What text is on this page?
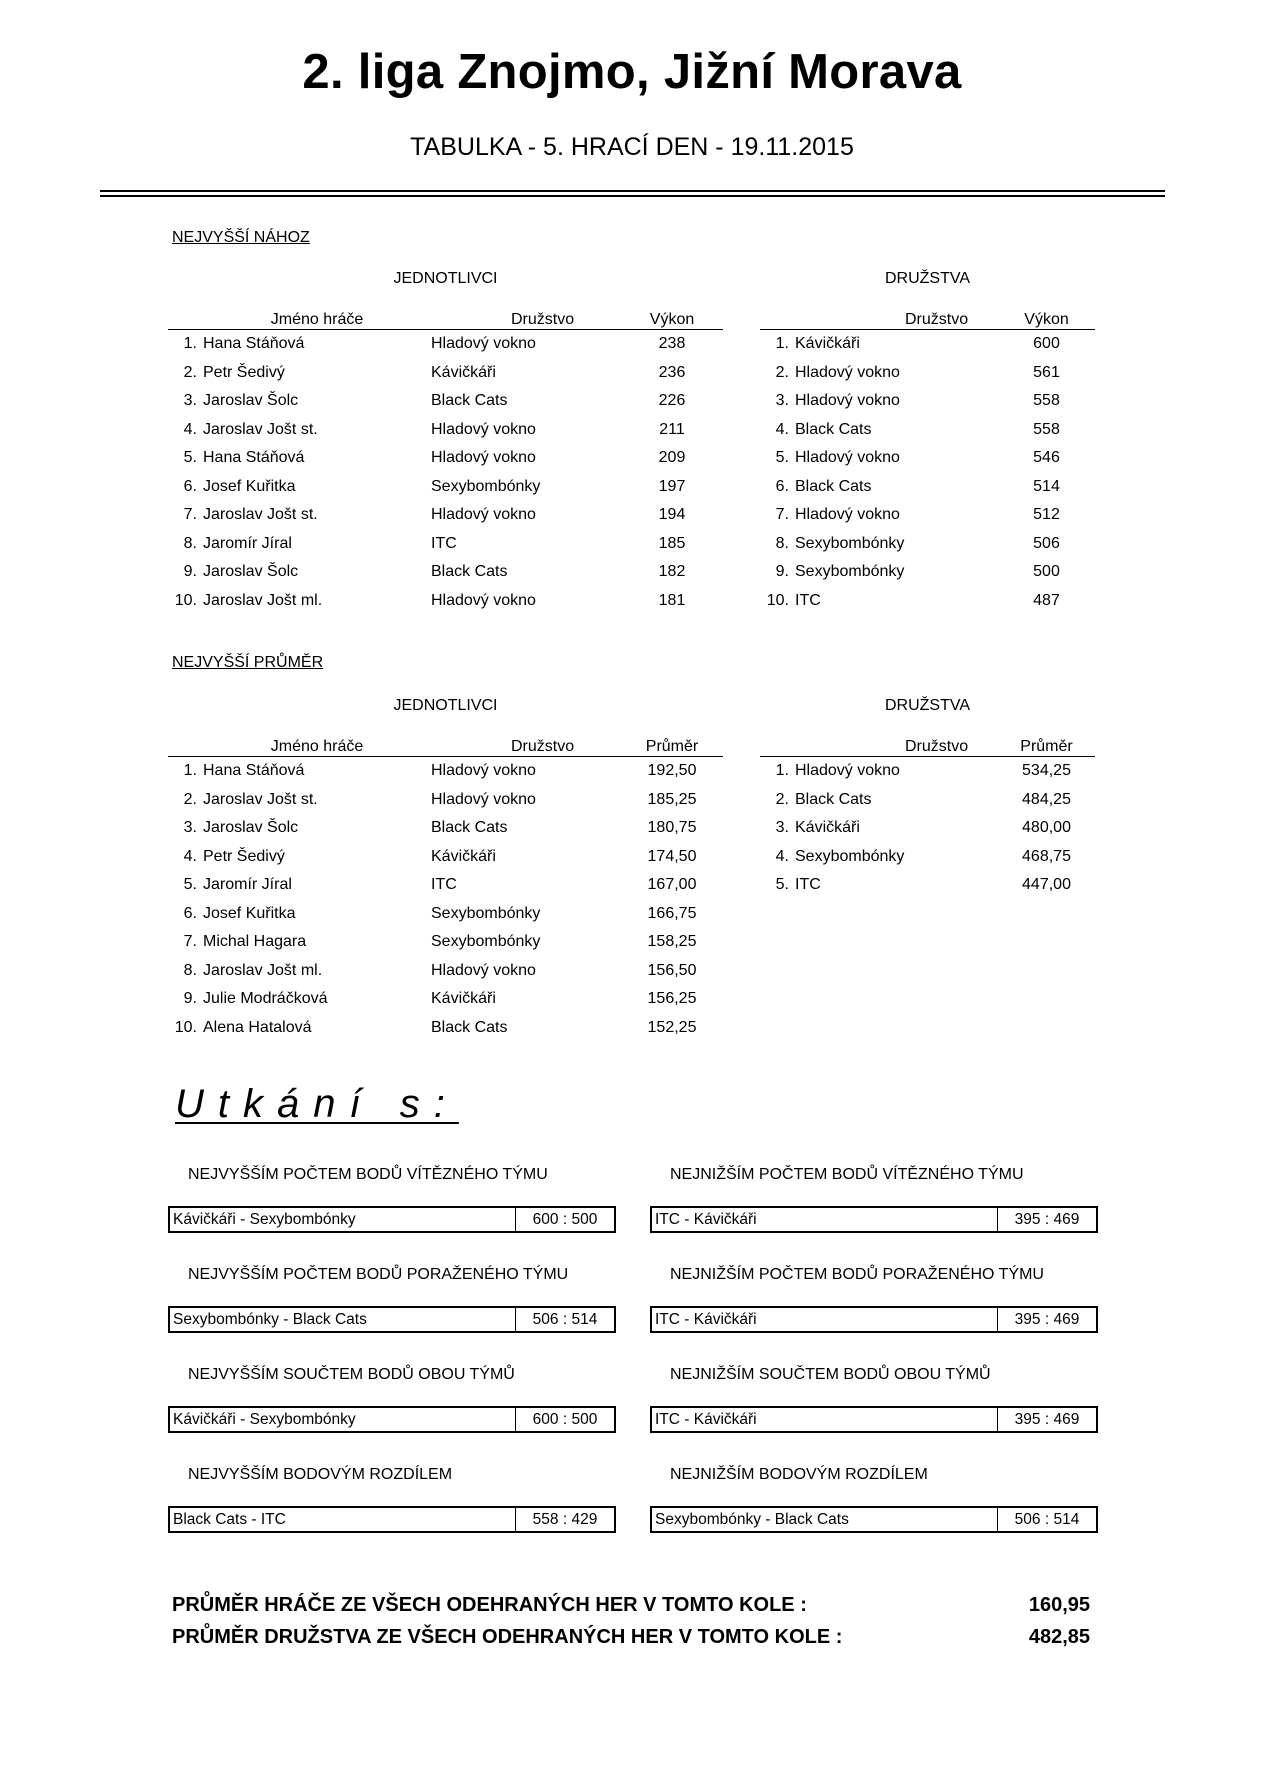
2. liga Znojmo, Jižní Morava
TABULKA - 5. HRACÍ DEN - 19.11.2015
NEJVYŠŠÍ NÁHOZ
JEDNOTLIVCI	DRUŽSTVA
	Jméno hráče	Družstvo	Výkon
1.	Hana Stáňová	Hladový vokno	238
2.	Petr Šedivý	Kávičkáři	236
3.	Jaroslav Šolc	Black Cats	226
4.	Jaroslav Jošt st.	Hladový vokno	211
5.	Hana Stáňová	Hladový vokno	209
6.	Josef Kuřitka	Sexybombónky	197
7.	Jaroslav Jošt st.	Hladový vokno	194
8.	Jaromír Jíral	ITC	185
9.	Jaroslav Šolc	Black Cats	182
10.	Jaroslav Jošt ml.	Hladový vokno	181
	Družstvo	Výkon
1.	Kávičkáři	600
2.	Hladový vokno	561
3.	Hladový vokno	558
4.	Black Cats	558
5.	Hladový vokno	546
6.	Black Cats	514
7.	Hladový vokno	512
8.	Sexybombónky	506
9.	Sexybombónky	500
10.	ITC	487
NEJVYŠŠÍ PRŮMĚR
JEDNOTLIVCI	DRUŽSTVA
	Jméno hráče	Družstvo	Průměr
1.	Hana Stáňová	Hladový vokno	192,50
2.	Jaroslav Jošt st.	Hladový vokno	185,25
3.	Jaroslav Šolc	Black Cats	180,75
4.	Petr Šedivý	Kávičkáři	174,50
5.	Jaromír Jíral	ITC	167,00
6.	Josef Kuřitka	Sexybombónky	166,75
7.	Michal Hagara	Sexybombónky	158,25
8.	Jaroslav Jošt ml.	Hladový vokno	156,50
9.	Julie Modráčková	Kávičkáři	156,25
10.	Alena Hatalová	Black Cats	152,25
	Družstvo	Průměr
1.	Hladový vokno	534,25
2.	Black Cats	484,25
3.	Kávičkáři	480,00
4.	Sexybombónky	468,75
5.	ITC	447,00
Utkání s:
NEJVYŠŠÍM POČTEM BODŮ VÍTĚZNÉHO TÝMU
Kávičkáři - Sexybombónky	600 : 500
NEJNIŽŠÍM POČTEM BODŮ VÍTĚZNÉHO TÝMU
ITC - Kávičkáři	395 : 469
NEJVYŠŠÍM POČTEM BODŮ PORAŽENÉHO TÝMU
Sexybombónky - Black Cats	506 : 514
NEJNIŽŠÍM POČTEM BODŮ PORAŽENÉHO TÝMU
ITC - Kávičkáři	395 : 469
NEJVYŠŠÍM SOUČTEM BODŮ OBOU TÝMŮ
Kávičkáři - Sexybombónky	600 : 500
NEJNIŽŠÍM SOUČTEM BODŮ OBOU TÝMŮ
ITC - Kávičkáři	395 : 469
NEJVYŠŠÍM BODOVÝM ROZDÍLEM
Black Cats - ITC	558 : 429
NEJNIŽŠÍM BODOVÝM ROZDÍLEM
Sexybombónky - Black Cats	506 : 514
PRŮMĚR HRÁČE ZE VŠECH ODEHRANÝCH HER V TOMTO KOLE :	160,95
PRŮMĚR DRUŽSTVA ZE VŠECH ODEHRANÝCH HER V TOMTO KOLE :	482,85
